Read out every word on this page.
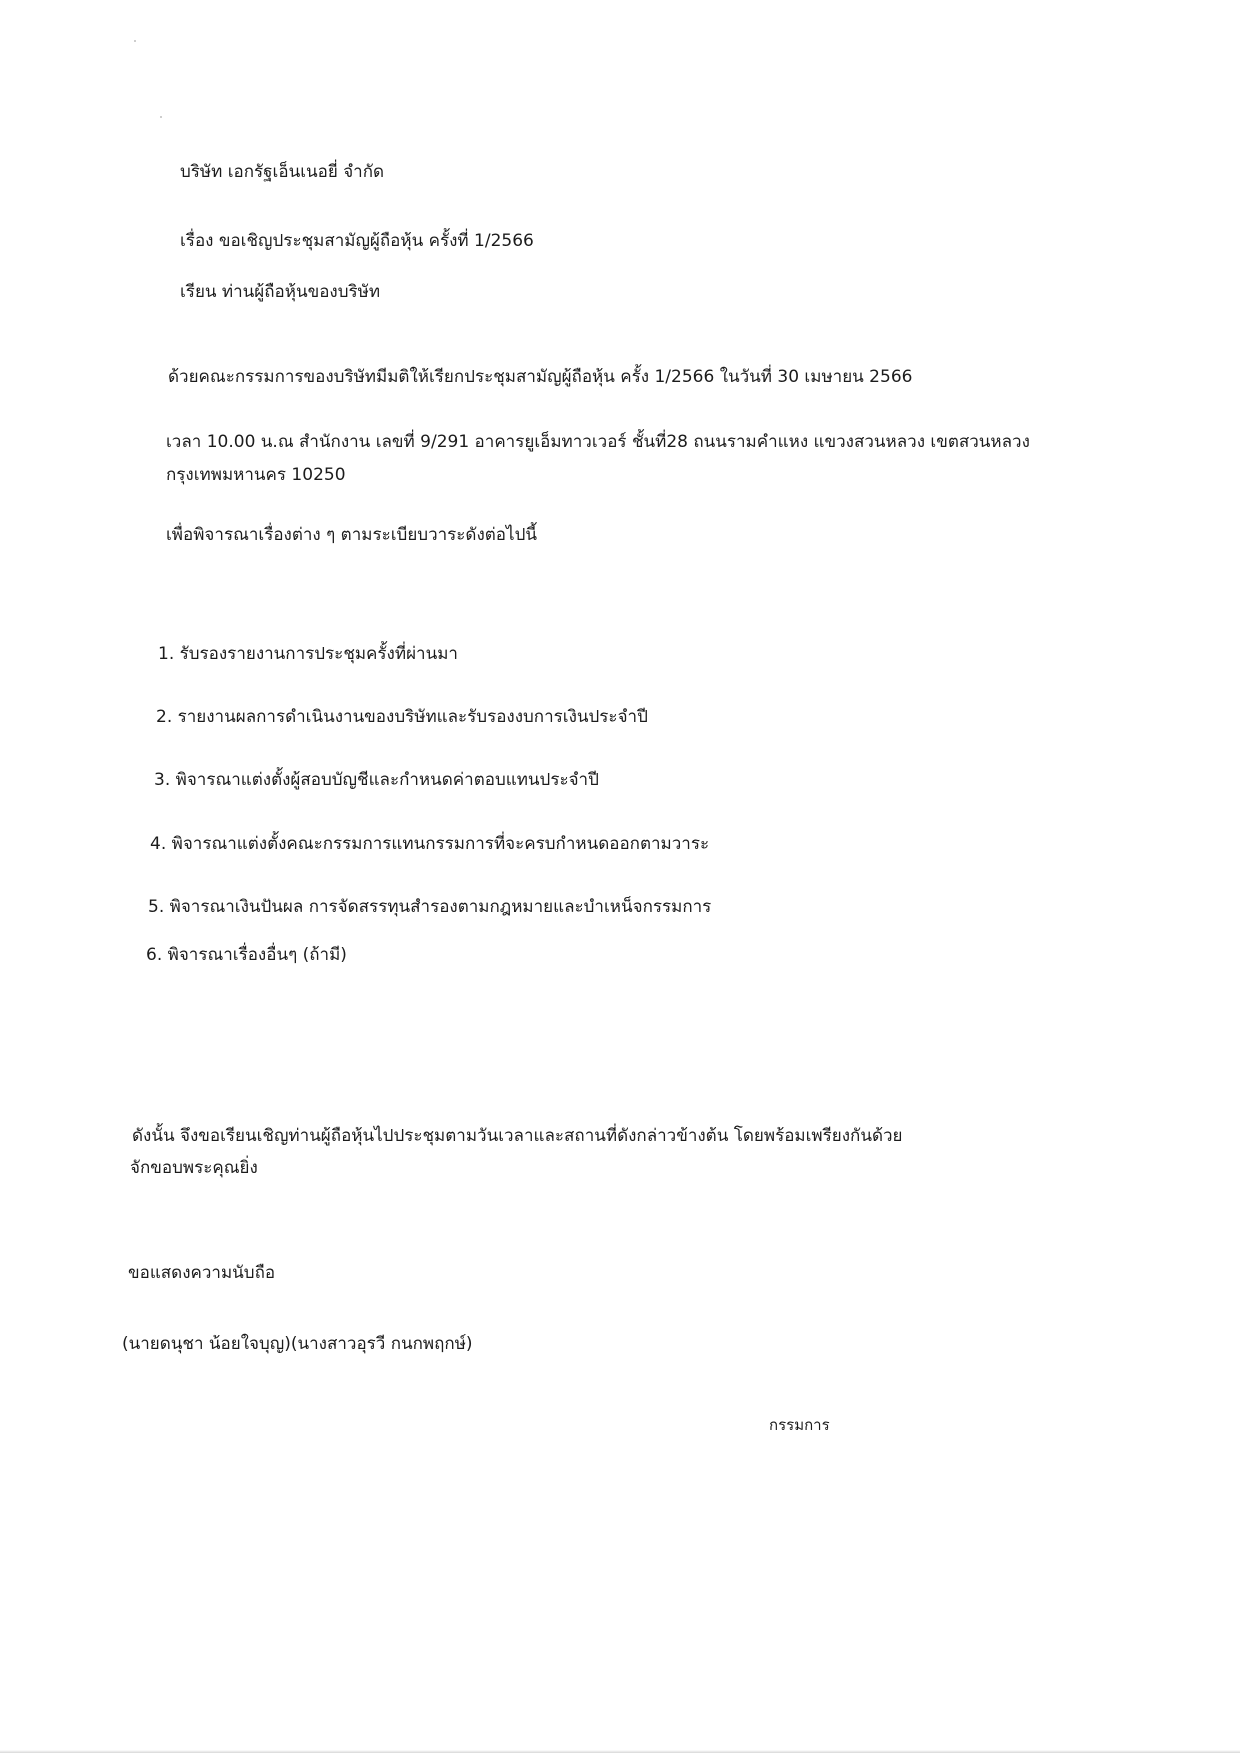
บริษัท เอกรัฐเอ็นเนอยี่ จำกัด
เรื่อง ขอเชิญประชุมสามัญผู้ถือหุ้น ครั้งที่ 1/2566
เรียน ท่านผู้ถือหุ้นของบริษัท
ด้วยคณะกรรมการของบริษัทมีมติให้เรียกประชุมสามัญผู้ถือหุ้น ครั้ง 1/2566 ในวันที่ 30 เมษายน 2566
เวลา 10.00 น.ณ สำนักงาน เลขที่ 9/291 อาคารยูเอ็มทาวเวอร์ ชั้นที่28 ถนนรามคำแหง แขวงสวนหลวง เขตสวนหลวง
กรุงเทพมหานคร 10250
เพื่อพิจารณาเรื่องต่าง ๆ ตามระเบียบวาระดังต่อไปนี้
1. รับรองรายงานการประชุมครั้งที่ผ่านมา
2. รายงานผลการดำเนินงานของบริษัทและรับรองงบการเงินประจำปี
3. พิจารณาแต่งตั้งผู้สอบบัญชีและกำหนดค่าตอบแทนประจำปี
4. พิจารณาแต่งตั้งคณะกรรมการแทนกรรมการที่จะครบกำหนดออกตามวาระ
5. พิจารณาเงินปันผล การจัดสรรทุนสำรองตามกฎหมายและบำเหน็จกรรมการ
6. พิจารณาเรื่องอื่นๆ (ถ้ามี)
ดังนั้น จึงขอเรียนเชิญท่านผู้ถือหุ้นไปประชุมตามวันเวลาและสถานที่ดังกล่าวข้างต้น โดยพร้อมเพรียงกันด้วย
จักขอบพระคุณยิ่ง
ขอแสดงความนับถือ
(นายดนุชา น้อยใจบุญ)(นางสาวอุรวี กนกพฤกษ์)
กรรมการ
